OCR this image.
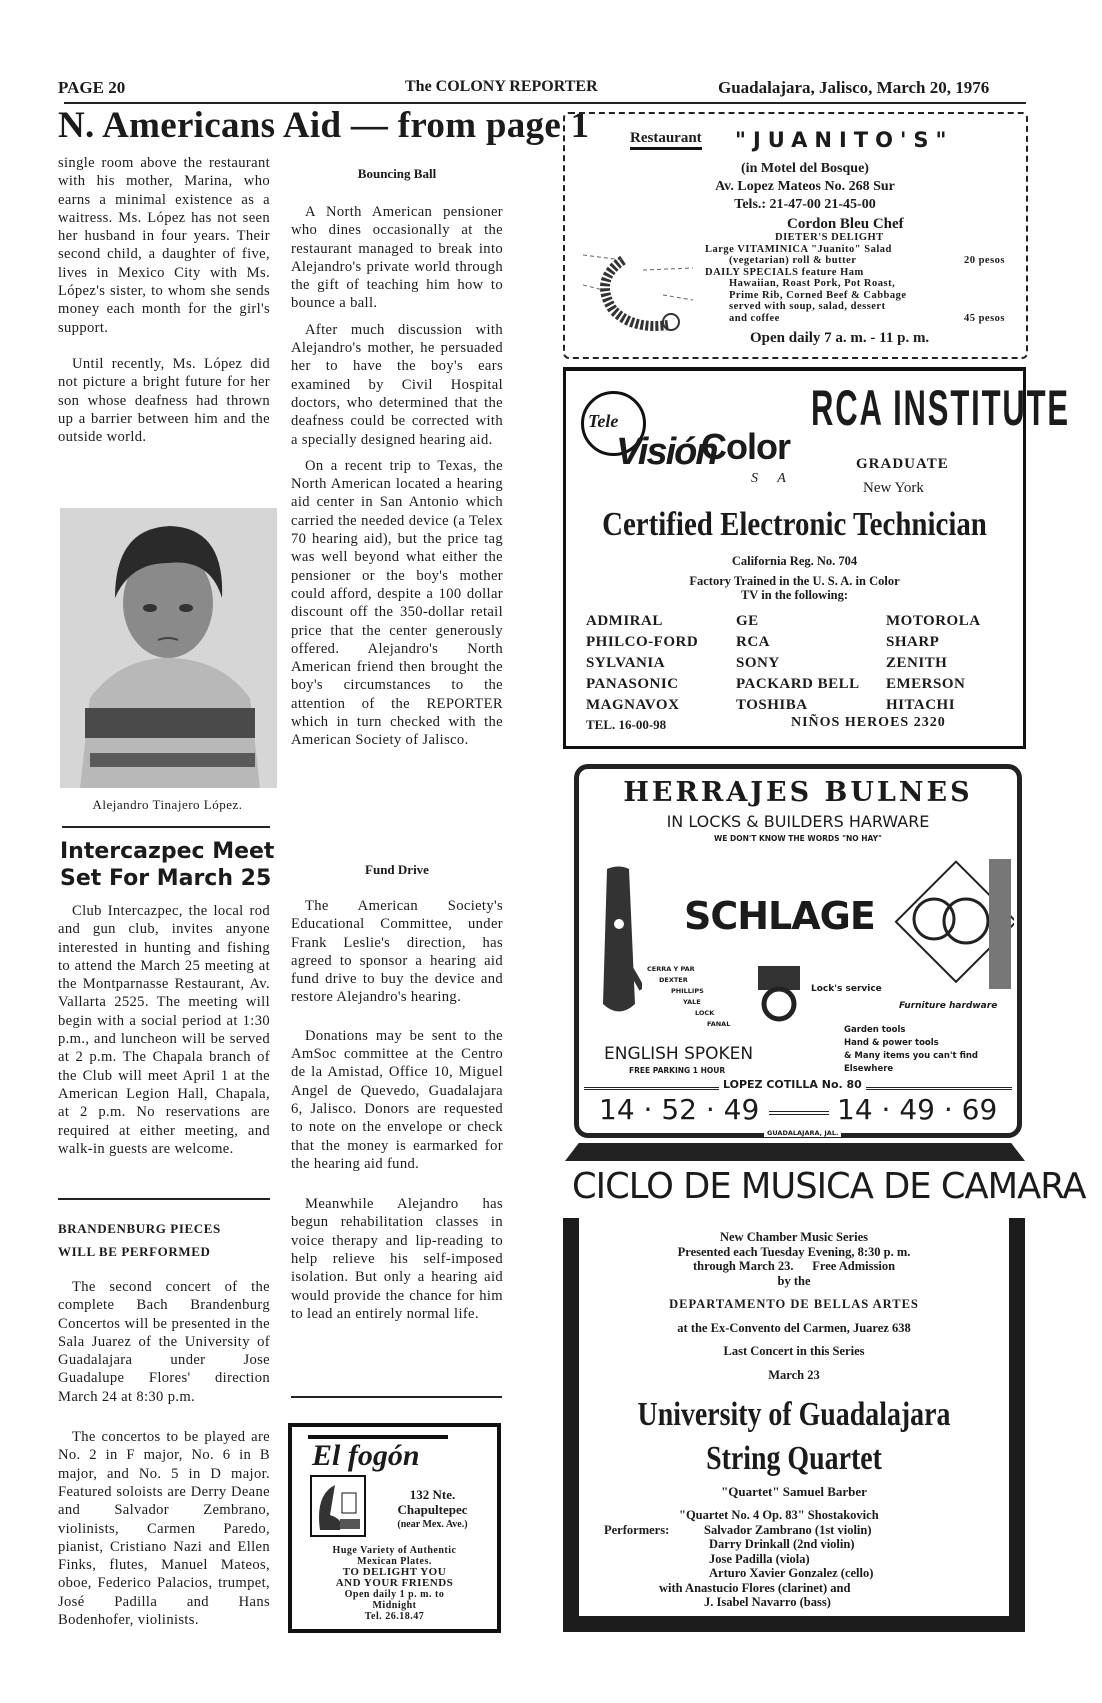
PAGE 20	The COLONY REPORTER	Guadalajara, Jalisco, March 20, 1976
N. Americans Aid — from page 1

single room above the restaurant with his mother, Marina, who earns a minimal existence as a waitress. Ms. López has not seen her husband in four years. Their second child, a daughter of five, lives in Mexico City with Ms. López's sister, to whom she sends money each month for the girl's support.

Until recently, Ms. López did not picture a bright future for her son whose deafness had thrown up a barrier between him and the outside world.

Alejandro Tinajero López.
Intercazpec Meet Set For March 25

Club Intercazpec, the local rod and gun club, invites anyone interested in hunting and fishing to attend the March 25 meeting at the Montparnasse Restaurant, Av. Vallarta 2525. The meeting will begin with a social period at 1:30 p.m., and luncheon will be served at 2 p.m. The Chapala branch of the Club will meet April 1 at the American Legion Hall, Chapala, at 2 p.m. No reservations are required at either meeting, and walk-in guests are welcome.

BRANDENBURG PIECES
WILL BE PERFORMED

The second concert of the complete Bach Brandenburg Concertos will be presented in the Sala Juarez of the University of Guadalajara under Jose Guadalupe Flores' direction March 24 at 8:30 p.m.

The concertos to be played are No. 2 in F major, No. 6 in B major, and No. 5 in D major. Featured soloists are Derry Deane and Salvador Zembrano, violinists, Carmen Paredo, pianist, Cristiano Nazi and Ellen Finks, flutes, Manuel Mateos, oboe, Federico Palacios, trumpet, José Padilla and Hans Bodenhofer, violinists.

Bouncing Ball

A North American pensioner who dines occasionally at the restaurant managed to break into Alejandro's private world through the gift of teaching him how to bounce a ball.

After much discussion with Alejandro's mother, he persuaded her to have the boy's ears examined by Civil Hospital doctors, who determined that the deafness could be corrected with a specially designed hearing aid.

On a recent trip to Texas, the North American located a hearing aid center in San Antonio which carried the needed device (a Telex 70 hearing aid), but the price tag was well beyond what either the pensioner or the boy's mother could afford, despite a 100 dollar discount off the 350-dollar retail price that the center generously offered. Alejandro's North American friend then brought the boy's circumstances to the attention of the REPORTER which in turn checked with the American Society of Jalisco.

Fund Drive

The American Society's Educational Committee, under Frank Leslie's direction, has agreed to sponsor a hearing aid fund drive to buy the device and restore Alejandro's hearing.

Donations may be sent to the AmSoc committee at the Centro de la Amistad, Office 10, Miguel Angel de Quevedo, Guadalajara 6, Jalisco. Donors are requested to note on the envelope or check that the money is earmarked for the hearing aid fund.

Meanwhile Alejandro has begun rehabilitation classes in voice therapy and lip-reading to help relieve his self-imposed isolation. But only a hearing aid would provide the chance for him to lead an entirely normal life.

El fogón
132 Nte.
Chapultepec
(near Mex. Ave.)
Huge Variety of Authentic
Mexican Plates.
TO DELIGHT YOU
AND YOUR FRIENDS
Open daily 1 p. m. to
Midnight
Tel. 26.18.47
Restaurant "JUANITO'S"
(in Motel del Bosque)
Av. Lopez Mateos No. 268 Sur
Tels.: 21-47-00 21-45-00
Cordon Bleu Chef
DIETER'S DELIGHT
Large VITAMINICA "Juanito" Salad
(vegetarian) roll & butter	20 pesos
DAILY SPECIALS feature Ham
Hawaiian, Roast Pork, Pot Roast,
Prime Rib, Corned Beef & Cabbage
served with soup, salad, dessert
and coffee	45 pesos
Open daily 7 a. m. - 11 p. m.
Tele
Visión
Color
S A
RCA INSTITUTE
GRADUATE
New York
Certified Electronic Technician
California Reg. No. 704
Factory Trained in the U. S. A. in Color
TV in the following:
ADMIRAL	GE	MOTOROLA
PHILCO-FORD	RCA	SHARP
SYLVANIA	SONY	ZENITH
PANASONIC	PACKARD BELL	EMERSON
MAGNAVOX	TOSHIBA	HITACHI
TEL. 16-00-98	NIÑOS HEROES 2320
HERRAJES BULNES
IN LOCKS & BUILDERS HARWARE
WE DON'T KNOW THE WORDS "NO HAY"
SCHLAGE
CERRA Y PAR
DEXTER
PHILLIPS
YALE
LOCK
FANAL
Lock's service
Furniture hardware
ENGLISH SPOKEN
FREE PARKING 1 HOUR
Garden tools
Hand & power tools
& Many items you can't find
Elsewhere
LOPEZ COTILLA No. 80
14 · 52 · 49	14 · 49 · 69
GUADALAJARA, JAL.
CICLO DE MUSICA DE CAMARA
New Chamber Music Series
Presented each Tuesday Evening, 8:30 p. m.
through March 23.      Free Admission
by the
DEPARTAMENTO DE BELLAS ARTES
at the Ex-Convento del Carmen, Juarez 638
Last Concert in this Series
March 23
University of Guadalajara
String Quartet
"Quartet" Samuel Barber
"Quartet No. 4 Op. 83" Shostakovich
Performers:	Salvador Zambrano (1st violin)
Darry Drinkall (2nd violin)
Jose Padilla (viola)
Arturo Xavier Gonzalez (cello)
with Anastucio Flores (clarinet) and
J. Isabel Navarro (bass)
